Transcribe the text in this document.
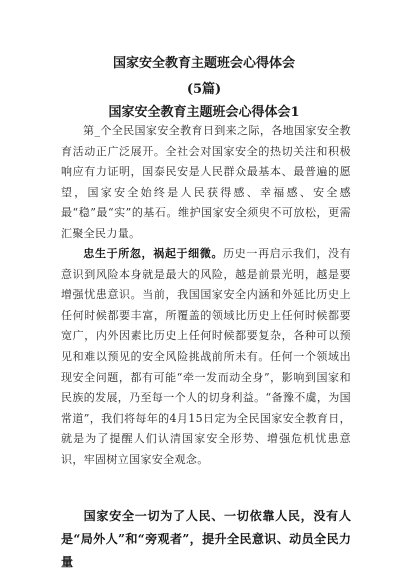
国家安全教育主题班会心得体会
(5篇)
国家安全教育主题班会心得体会1
第_个全民国家安全教育日到来之际，各地国家安全教育活动正广泛展开。全社会对国家安全的热切关注和积极响应有力证明，国泰民安是人民群众最基本、最普遍的愿望，国家安全始终是人民获得感、幸福感、安全感最“稳”最“实”的基石。维护国家安全须臾不可放松，更需汇聚全民力量。
忠生于所忽，祸起于细微。历史一再启示我们，没有意识到风险本身就是最大的风险，越是前景光明，越是要增强忧患意识。当前，我国国家安全内涵和外延比历史上任何时候都要丰富，所覆盖的领域比历史上任何时候都要宽广，内外因素比历史上任何时候都要复杂，各种可以预见和难以预见的安全风险挑战前所未有。任何一个领域出现安全问题，都有可能“牵一发而动全身”，影响到国家和民族的发展，乃至每一个人的切身利益。“备豫不虞，为国常道”，我们将每年的4月15日定为全民国家安全教育日，就是为了提醒人们认清国家安全形势、增强危机忧患意识，牢固树立国家安全观念。
国家安全一切为了人民、一切依靠人民，没有人是“局外人”和“旁观者”，提升全民意识、动员全民力量
